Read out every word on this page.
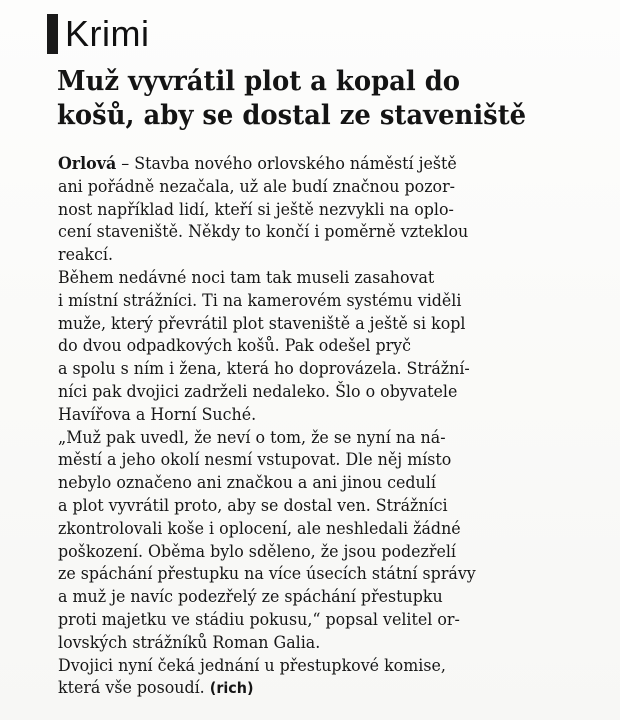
Krimi
Muž vyvrátil plot a kopal do
košů, aby se dostal ze staveniště
Orlová – Stavba nového orlovského náměstí ještě
ani pořádně nezačala, už ale budí značnou pozor-
nost například lidí, kteří si ještě nezvykli na oplo-
cení staveniště. Někdy to končí i poměrně vzteklou
reakcí.
Během nedávné noci tam tak museli zasahovat
i místní strážníci. Ti na kamerovém systému viděli
muže, který převrátil plot staveniště a ještě si kopl
do dvou odpadkových košů. Pak odešel pryč
a spolu s ním i žena, která ho doprovázela. Strážní-
níci pak dvojici zadrželi nedaleko. Šlo o obyvatele
Havířova a Horní Suché.
„Muž pak uvedl, že neví o tom, že se nyní na ná-
městí a jeho okolí nesmí vstupovat. Dle něj místo
nebylo označeno ani značkou a ani jinou cedulí
a plot vyvrátil proto, aby se dostal ven. Strážníci
zkontrolovali koše i oplocení, ale neshledali žádné
poškození. Oběma bylo sděleno, že jsou podezřelí
ze spáchání přestupku na více úsecích státní správy
a muž je navíc podezřelý ze spáchání přestupku
proti majetku ve stádiu pokusu,“ popsal velitel or-
lovských strážníků Roman Galia.
Dvojici nyní čeká jednání u přestupkové komise,
která vše posoudí. (rich)
